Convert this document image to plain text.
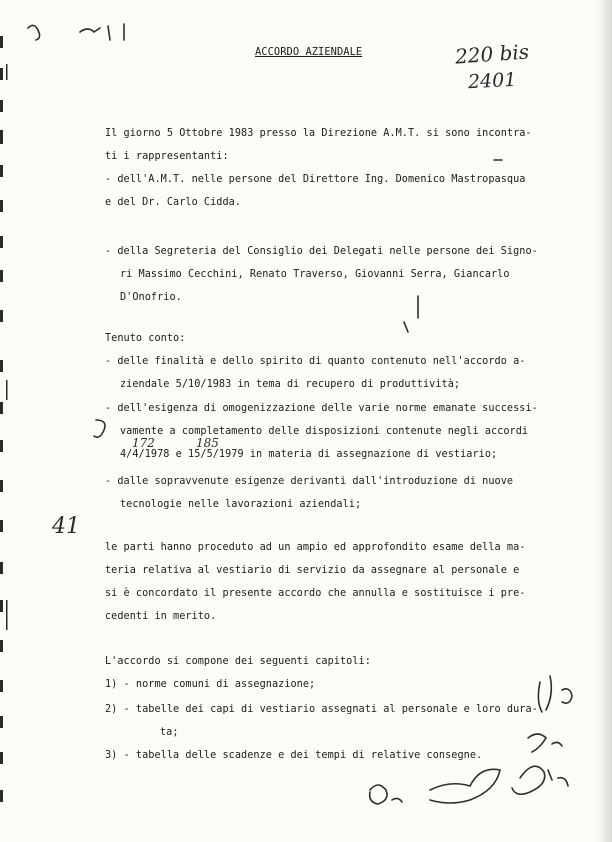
ACCORDO AZIENDALE	220 bis
2401
41
Il giorno 5 Ottobre 1983 presso la Direzione A.M.T. si sono incontra-
ti i rappresentanti:
- dell'A.M.T. nelle persone del Direttore Ing. Domenico Mastropasqua
e del Dr. Carlo Cidda.
- della Segreteria del Consiglio dei Delegati nelle persone dei Signo-
ri Massimo Cecchini, Renato Traverso, Giovanni Serra, Giancarlo
D'Onofrio.
Tenuto conto:
- delle finalità e dello spirito di quanto contenuto nell'accordo a-
ziendale 5/10/1983 in tema di recupero di produttività;
- dell'esigenza di omogenizzazione delle varie norme emanate successi-
vamente a completamento delle disposizioni contenute negli accordi
4/4/1978 e 15/5/1979 in materia di assegnazione di vestiario;
- dalle sopravvenute esigenze derivanti dall'introduzione di nuove
tecnologie nelle lavorazioni aziendali;
le parti hanno proceduto ad un ampio ed approfondito esame della ma-
teria relativa al vestiario di servizio da assegnare al personale e
si è concordato il presente accordo che annulla e sostituisce i pre-
cedenti in merito.
L'accordo si compone dei seguenti capitoli:
1) - norme comuni di assegnazione;
2) - tabelle dei capi di vestiario assegnati al personale e loro dura-
ta;
3) - tabella delle scadenze e dei tempi di relative consegne.
172	185
